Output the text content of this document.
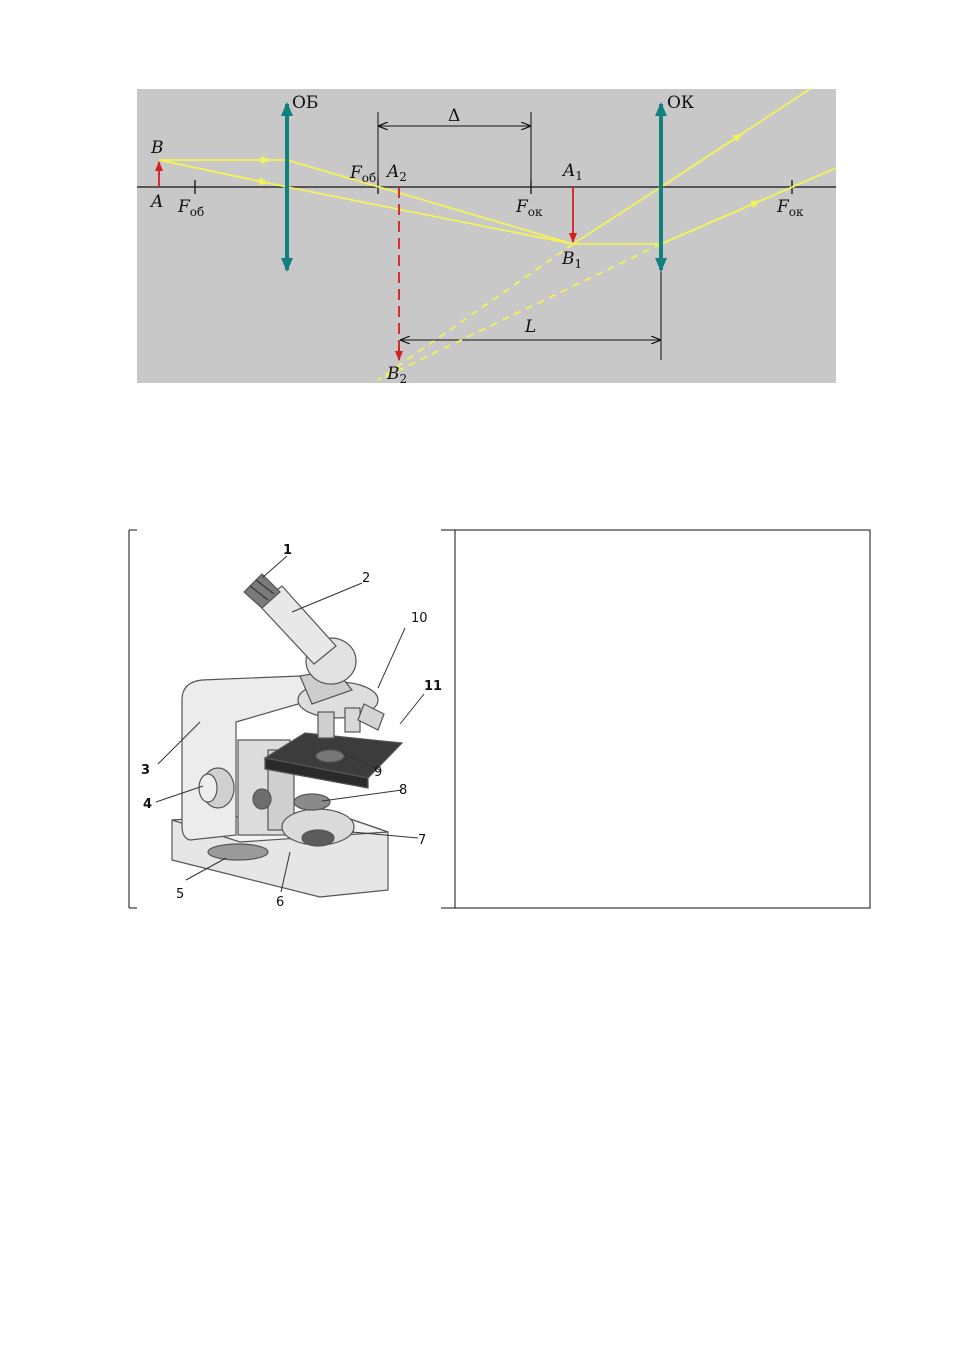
ОБ	ОК
Δ
L
B
A $F_{об}$
$F_{об}$
$F_{ок}$	$F_{ок}$
$A_2$	$A_1$
$B_1$
$B_2$
1
2
3
4
5
6
7
8
9
10
11
